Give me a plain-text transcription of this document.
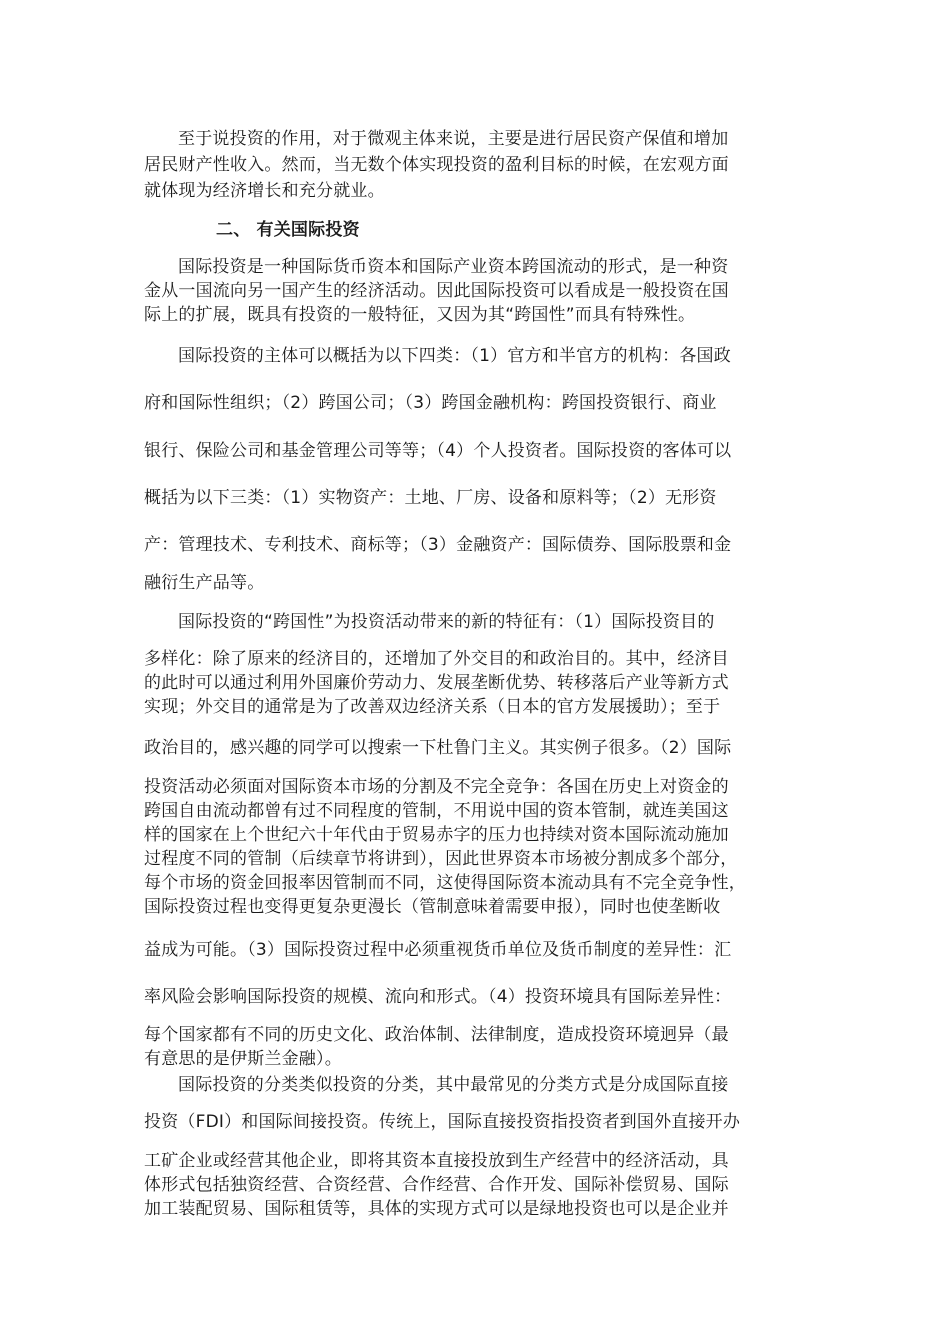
至于说投资的作用，对于微观主体来说，主要是进行居民资产保值和增加
居民财产性收入。然而，当无数个体实现投资的盈利目标的时候，在宏观方面
就体现为经济增长和充分就业。
二、 有关国际投资
国际投资是一种国际货币资本和国际产业资本跨国流动的形式，是一种资
金从一国流向另一国产生的经济活动。因此国际投资可以看成是一般投资在国
际上的扩展，既具有投资的一般特征，又因为其“跨国性”而具有特殊性。
国际投资的主体可以概括为以下四类：（1）官方和半官方的机构：各国政
府和国际性组织；（2）跨国公司；（3）跨国金融机构：跨国投资银行、商业
银行、保险公司和基金管理公司等等；（4）个人投资者。国际投资的客体可以
概括为以下三类：（1）实物资产：土地、厂房、设备和原料等；（2）无形资
产：管理技术、专利技术、商标等；（3）金融资产：国际债券、国际股票和金
融衍生产品等。
国际投资的“跨国性”为投资活动带来的新的特征有：（1）国际投资目的
多样化：除了原来的经济目的，还增加了外交目的和政治目的。其中，经济目
的此时可以通过利用外国廉价劳动力、发展垄断优势、转移落后产业等新方式
实现；外交目的通常是为了改善双边经济关系（日本的官方发展援助）；至于
政治目的，感兴趣的同学可以搜索一下杜鲁门主义。其实例子很多。（2）国际
投资活动必须面对国际资本市场的分割及不完全竞争：各国在历史上对资金的
跨国自由流动都曾有过不同程度的管制，不用说中国的资本管制，就连美国这
样的国家在上个世纪六十年代由于贸易赤字的压力也持续对资本国际流动施加
过程度不同的管制（后续章节将讲到），因此世界资本市场被分割成多个部分，
每个市场的资金回报率因管制而不同，这使得国际资本流动具有不完全竞争性，
国际投资过程也变得更复杂更漫长（管制意味着需要申报），同时也使垄断收
益成为可能。（3）国际投资过程中必须重视货币单位及货币制度的差异性：汇
率风险会影响国际投资的规模、流向和形式。（4）投资环境具有国际差异性：
每个国家都有不同的历史文化、政治体制、法律制度，造成投资环境迥异（最
有意思的是伊斯兰金融）。
国际投资的分类类似投资的分类，其中最常见的分类方式是分成国际直接
投资（FDI）和国际间接投资。传统上，国际直接投资指投资者到国外直接开办
工矿企业或经营其他企业，即将其资本直接投放到生产经营中的经济活动，具
体形式包括独资经营、合资经营、合作经营、合作开发、国际补偿贸易、国际
加工装配贸易、国际租赁等，具体的实现方式可以是绿地投资也可以是企业并
